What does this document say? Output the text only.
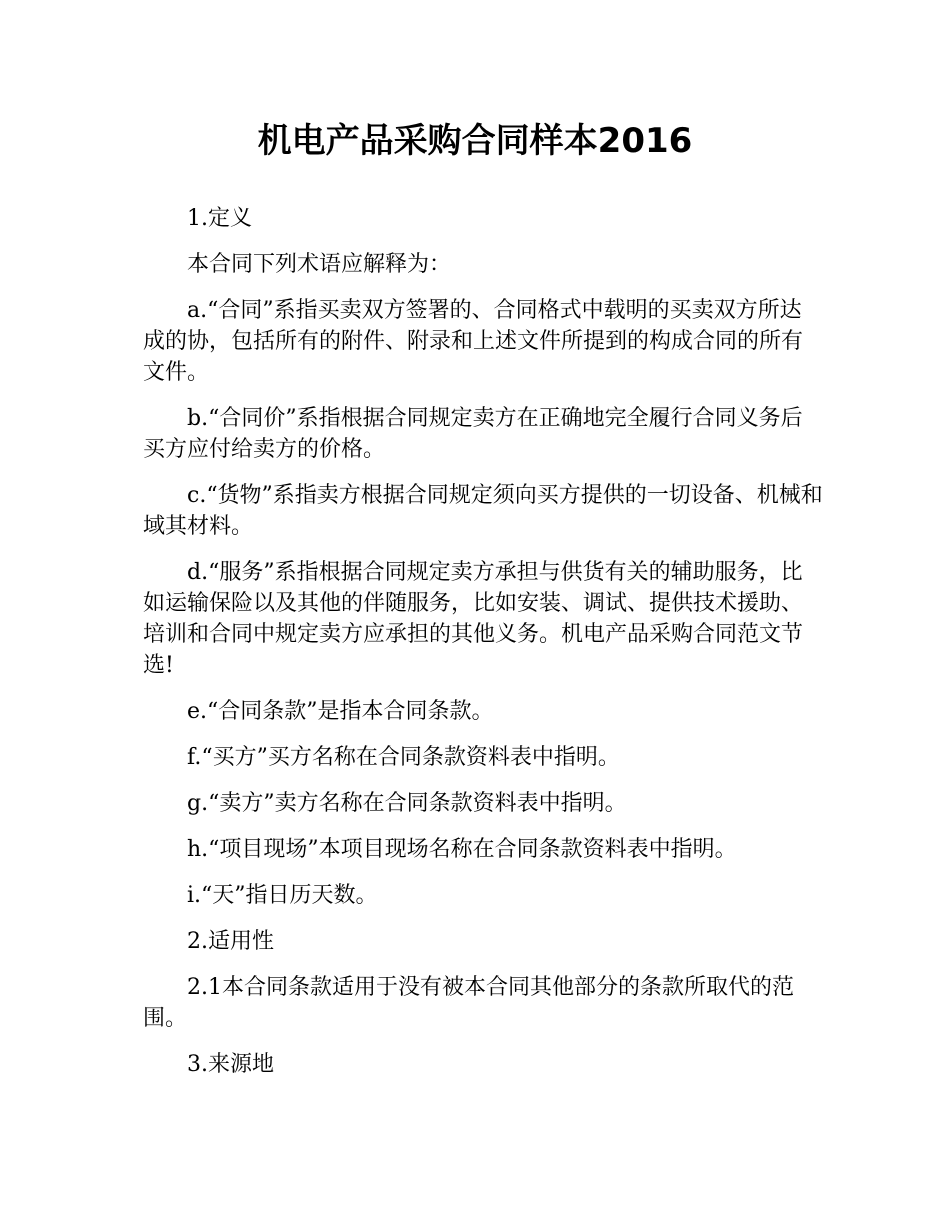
机电产品采购合同样本2016

1.定义

本合同下列术语应解释为：

a.“合同”系指买卖双方签署的、合同格式中载明的买卖双方所达成的协，包括所有的附件、附录和上述文件所提到的构成合同的所有文件。

b.“合同价”系指根据合同规定卖方在正确地完全履行合同义务后买方应付给卖方的价格。

c.“货物”系指卖方根据合同规定须向买方提供的一切设备、机械和域其材料。

d.“服务”系指根据合同规定卖方承担与供货有关的辅助服务，比如运输保险以及其他的伴随服务，比如安装、调试、提供技术援助、培训和合同中规定卖方应承担的其他义务。机电产品采购合同范文节选!

e.“合同条款”是指本合同条款。

f.“买方”买方名称在合同条款资料表中指明。

g.“卖方”卖方名称在合同条款资料表中指明。

h.“项目现场”本项目现场名称在合同条款资料表中指明。

i.“天”指日历天数。

2.适用性

2.1本合同条款适用于没有被本合同其他部分的条款所取代的范围。

3.来源地
